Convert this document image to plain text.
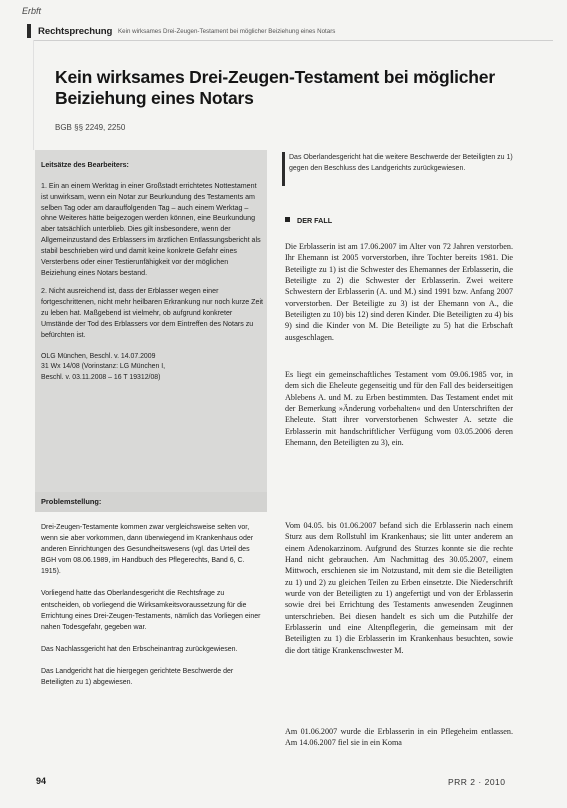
Erbft
Rechtsprechung Kein wirksames Drei-Zeugen-Testament bei möglicher Beiziehung eines Notars
Kein wirksames Drei-Zeugen-Testament bei möglicher Beiziehung eines Notars
BGB §§ 2249, 2250

Leitsätze des Bearbeiters:

1. Ein an einem Werktag in einer Großstadt errichtetes Nottestament ist unwirksam, wenn ein Notar zur Beurkundung des Testaments am selben Tag oder am darauffolgenden Tag – auch einem Werktag – ohne Weiteres hätte beigezogen werden können, eine Beurkundung aber tatsächlich unterblieb. Dies gilt insbesondere, wenn der Allgemeinzustand des Erblassers im ärztlichen Entlassungsbericht als stabil beschrieben wird und damit keine konkrete Gefahr eines Versterbens oder einer Testierunfähigkeit vor der möglichen Beiziehung eines Notars bestand.

2. Nicht ausreichend ist, dass der Erblasser wegen einer fortgeschrittenen, nicht mehr heilbaren Erkrankung nur noch kurze Zeit zu leben hat. Maßgebend ist vielmehr, ob aufgrund konkreter Umstände der Tod des Erblassers vor dem Eintreffen des Notars zu befürchten ist.

OLG München, Beschl. v. 14.07.2009
31 Wx 14/08 (Vorinstanz: LG München I,
Beschl. v. 03.11.2008 – 16 T 19312/08)

Problemstellung:

Drei-Zeugen-Testamente kommen zwar vergleichsweise selten vor, wenn sie aber vorkommen, dann überwiegend im Krankenhaus oder anderen Einrichtungen des Gesundheitswesens (vgl. das Urteil des BGH vom 08.06.1989, im Handbuch des Pflegerechts, Band 6, C. 1915).

Vorliegend hatte das Oberlandesgericht die Rechtsfrage zu entscheiden, ob vorliegend die Wirksamkeitsvoraussetzung für die Errichtung eines Drei-Zeugen-Testaments, nämlich das Vorliegen einer nahen Todesgefahr, gegeben war.

Das Nachlassgericht hat den Erbscheinantrag zurückgewiesen.

Das Landgericht hat die hiergegen gerichtete Beschwerde der Beteiligten zu 1) abgewiesen.

Das Oberlandesgericht hat die weitere Beschwerde der Beteiligten zu 1) gegen den Beschluss des Landgerichts zurückgewiesen.
DER FALL

Die Erblasserin ist am 17.06.2007 im Alter von 72 Jahren verstorben. Ihr Ehemann ist 2005 vorverstorben, ihre Tochter bereits 1981. Die Beteiligte zu 1) ist die Schwester des Ehemannes der Erblasserin, die Beteiligte zu 2) die Schwester der Erblasserin. Zwei weitere Schwestern der Erblasserin (A. und M.) sind 1991 bzw. Anfang 2007 vorverstorben. Der Beteiligte zu 3) ist der Ehemann von A., die Beteiligten zu 10) bis 12) sind deren Kinder. Die Beteiligten zu 4) bis 9) sind die Kinder von M. Die Beteiligte zu 5) hat die Erbschaft ausgeschlagen.

Es liegt ein gemeinschaftliches Testament vom 09.06.1985 vor, in dem sich die Eheleute gegenseitig und für den Fall des beiderseitigen Ablebens A. und M. zu Erben bestimmten. Das Testament endet mit der Bemerkung »Änderung vorbehalten« und den Unterschriften der Eheleute. Statt ihrer vorverstorbenen Schwester A. setzte die Erblasserin mit handschriftlicher Verfügung vom 03.05.2006 deren Ehemann, den Beteiligten zu 3), ein.

Vom 04.05. bis 01.06.2007 befand sich die Erblasserin nach einem Sturz aus dem Rollstuhl im Krankenhaus; sie litt unter anderem an einem Adenokarzinom. Aufgrund des Sturzes konnte sie die rechte Hand nicht gebrauchen. Am Nachmittag des 30.05.2007, einem Mittwoch, erschienen sie im Notzustand, mit dem sie die Beteiligten zu 1) und 2) zu gleichen Teilen zu Erben einsetzte. Die Niederschrift wurde von der Beteiligten zu 1) angefertigt und von der Erblasserin sowie drei bei Errichtung des Testaments anwesenden Zeuginnen unterschrieben. Bei diesen handelt es sich um die Putzhilfe der Erblasserin und eine Altenpflegerin, die gemeinsam mit der Beteiligten zu 1) die Erblasserin im Krankenhaus besuchten, sowie die dort tätige Krankenschwester M.

Am 01.06.2007 wurde die Erblasserin in ein Pflegeheim entlassen. Am 14.06.2007 fiel sie in ein Koma

94	PRR 2 · 2010
